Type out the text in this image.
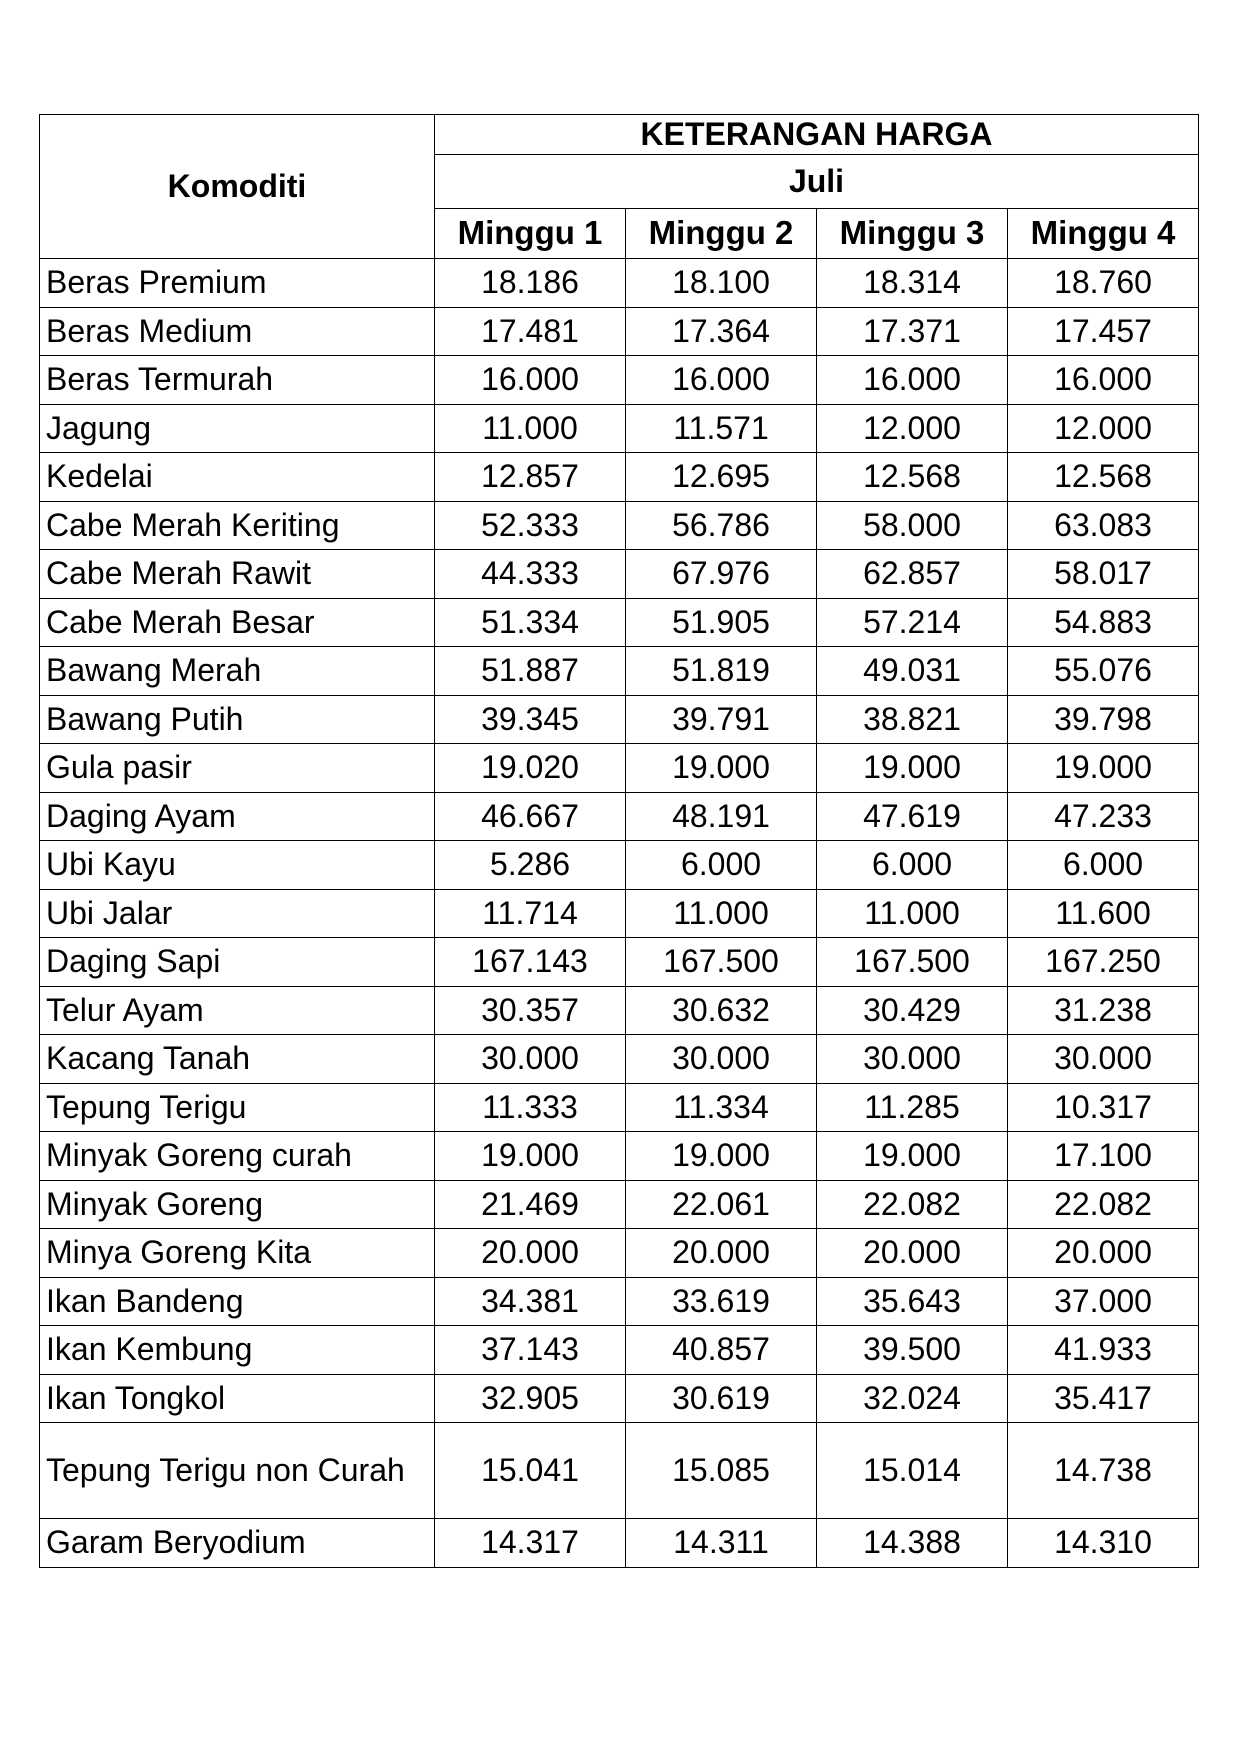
Komoditi	KETERANGAN HARGA			
	Juli			
	Minggu 1	Minggu 2	Minggu 3	Minggu 4
Beras Premium	18.186	18.100	18.314	18.760
Beras Medium	17.481	17.364	17.371	17.457
Beras Termurah	16.000	16.000	16.000	16.000
Jagung	11.000	11.571	12.000	12.000
Kedelai	12.857	12.695	12.568	12.568
Cabe Merah Keriting	52.333	56.786	58.000	63.083
Cabe Merah Rawit	44.333	67.976	62.857	58.017
Cabe Merah Besar	51.334	51.905	57.214	54.883
Bawang Merah	51.887	51.819	49.031	55.076
Bawang Putih	39.345	39.791	38.821	39.798
Gula pasir	19.020	19.000	19.000	19.000
Daging Ayam	46.667	48.191	47.619	47.233
Ubi Kayu	5.286	6.000	6.000	6.000
Ubi Jalar	11.714	11.000	11.000	11.600
Daging Sapi	167.143	167.500	167.500	167.250
Telur Ayam	30.357	30.632	30.429	31.238
Kacang Tanah	30.000	30.000	30.000	30.000
Tepung Terigu	11.333	11.334	11.285	10.317
Minyak Goreng curah	19.000	19.000	19.000	17.100
Minyak Goreng	21.469	22.061	22.082	22.082
Minya Goreng Kita	20.000	20.000	20.000	20.000
Ikan Bandeng	34.381	33.619	35.643	37.000
Ikan Kembung	37.143	40.857	39.500	41.933
Ikan Tongkol	32.905	30.619	32.024	35.417
Tepung Terigu non Curah	15.041	15.085	15.014	14.738
Garam Beryodium	14.317	14.311	14.388	14.310
